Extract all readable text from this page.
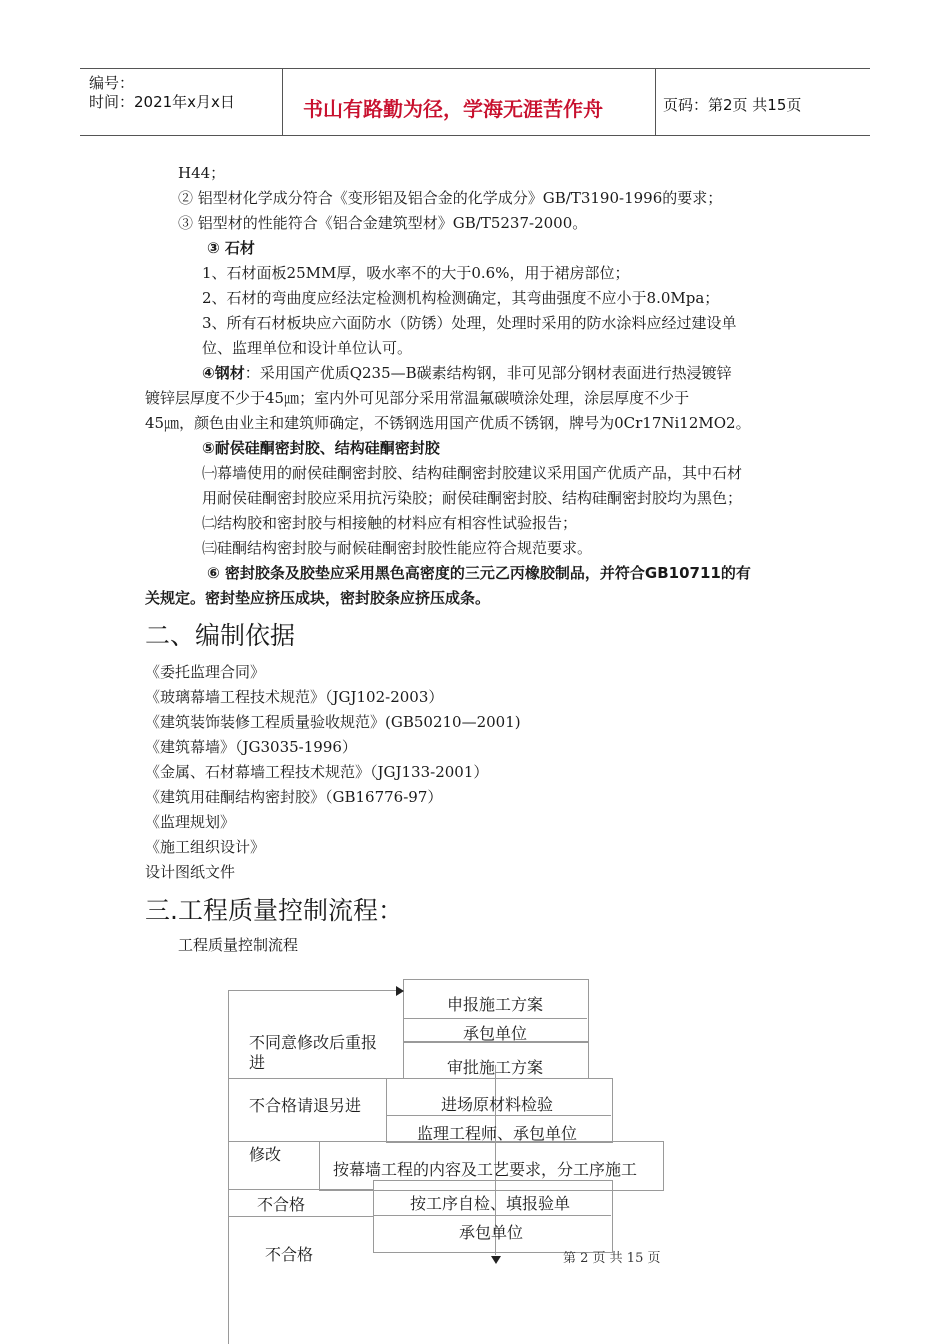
编号：
时间：2021年x月x日	书山有路勤为径，学海无涯苦作舟	页码：第2页 共15页
H44；
② 铝型材化学成分符合《变形铝及铝合金的化学成分》GB/T3190-1996的要求；
③ 铝型材的性能符合《铝合金建筑型材》GB/T5237-2000。
③ 石材
1、石材面板25MM厚，吸水率不的大于0.6%，用于裙房部位；
2、石材的弯曲度应经法定检测机构检测确定，其弯曲强度不应小于8.0Mpa；
3、所有石材板块应六面防水（防锈）处理，处理时采用的防水涂料应经过建设单
位、监理单位和设计单位认可。
④钢材：采用国产优质Q235—B碳素结构钢，非可见部分钢材表面进行热浸镀锌
镀锌层厚度不少于45㎛；室内外可见部分采用常温氟碳喷涂处理，涂层厚度不少于
45㎛，颜色由业主和建筑师确定，不锈钢选用国产优质不锈钢，牌号为0Cr17Ni12MO2。
⑤耐侯硅酮密封胶、结构硅酮密封胶
㈠幕墙使用的耐侯硅酮密封胶、结构硅酮密封胶建议采用国产优质产品，其中石材
用耐侯硅酮密封胶应采用抗污染胶；耐侯硅酮密封胶、结构硅酮密封胶均为黑色；
㈡结构胶和密封胶与相接触的材料应有相容性试验报告；
㈢硅酮结构密封胶与耐候硅酮密封胶性能应符合规范要求。
⑥ 密封胶条及胶垫应采用黑色高密度的三元乙丙橡胶制品，并符合GB10711的有
关规定。密封垫应挤压成块，密封胶条应挤压成条。
二、编制依据
《委托监理合同》
《玻璃幕墙工程技术规范》（JGJ102-2003）
《建筑装饰装修工程质量验收规范》(GB50210—2001)
《建筑幕墙》（JG3035-1996）
《金属、石材幕墙工程技术规范》（JGJ133-2001）
《建筑用硅酮结构密封胶》（GB16776-97）
《监理规划》
《施工组织设计》
设计图纸文件
三.工程质量控制流程：
工程质量控制流程
申报施工方案
承包单位
审批施工方案
进场原材料检验
监理工程师、承包单位
按幕墙工程的内容及工艺要求，分工序施工
按工序自检、填报验单
承包单位
不同意修改后重报
进
不合格请退另进
修改
不合格
不合格	第 2 页 共 15 页
